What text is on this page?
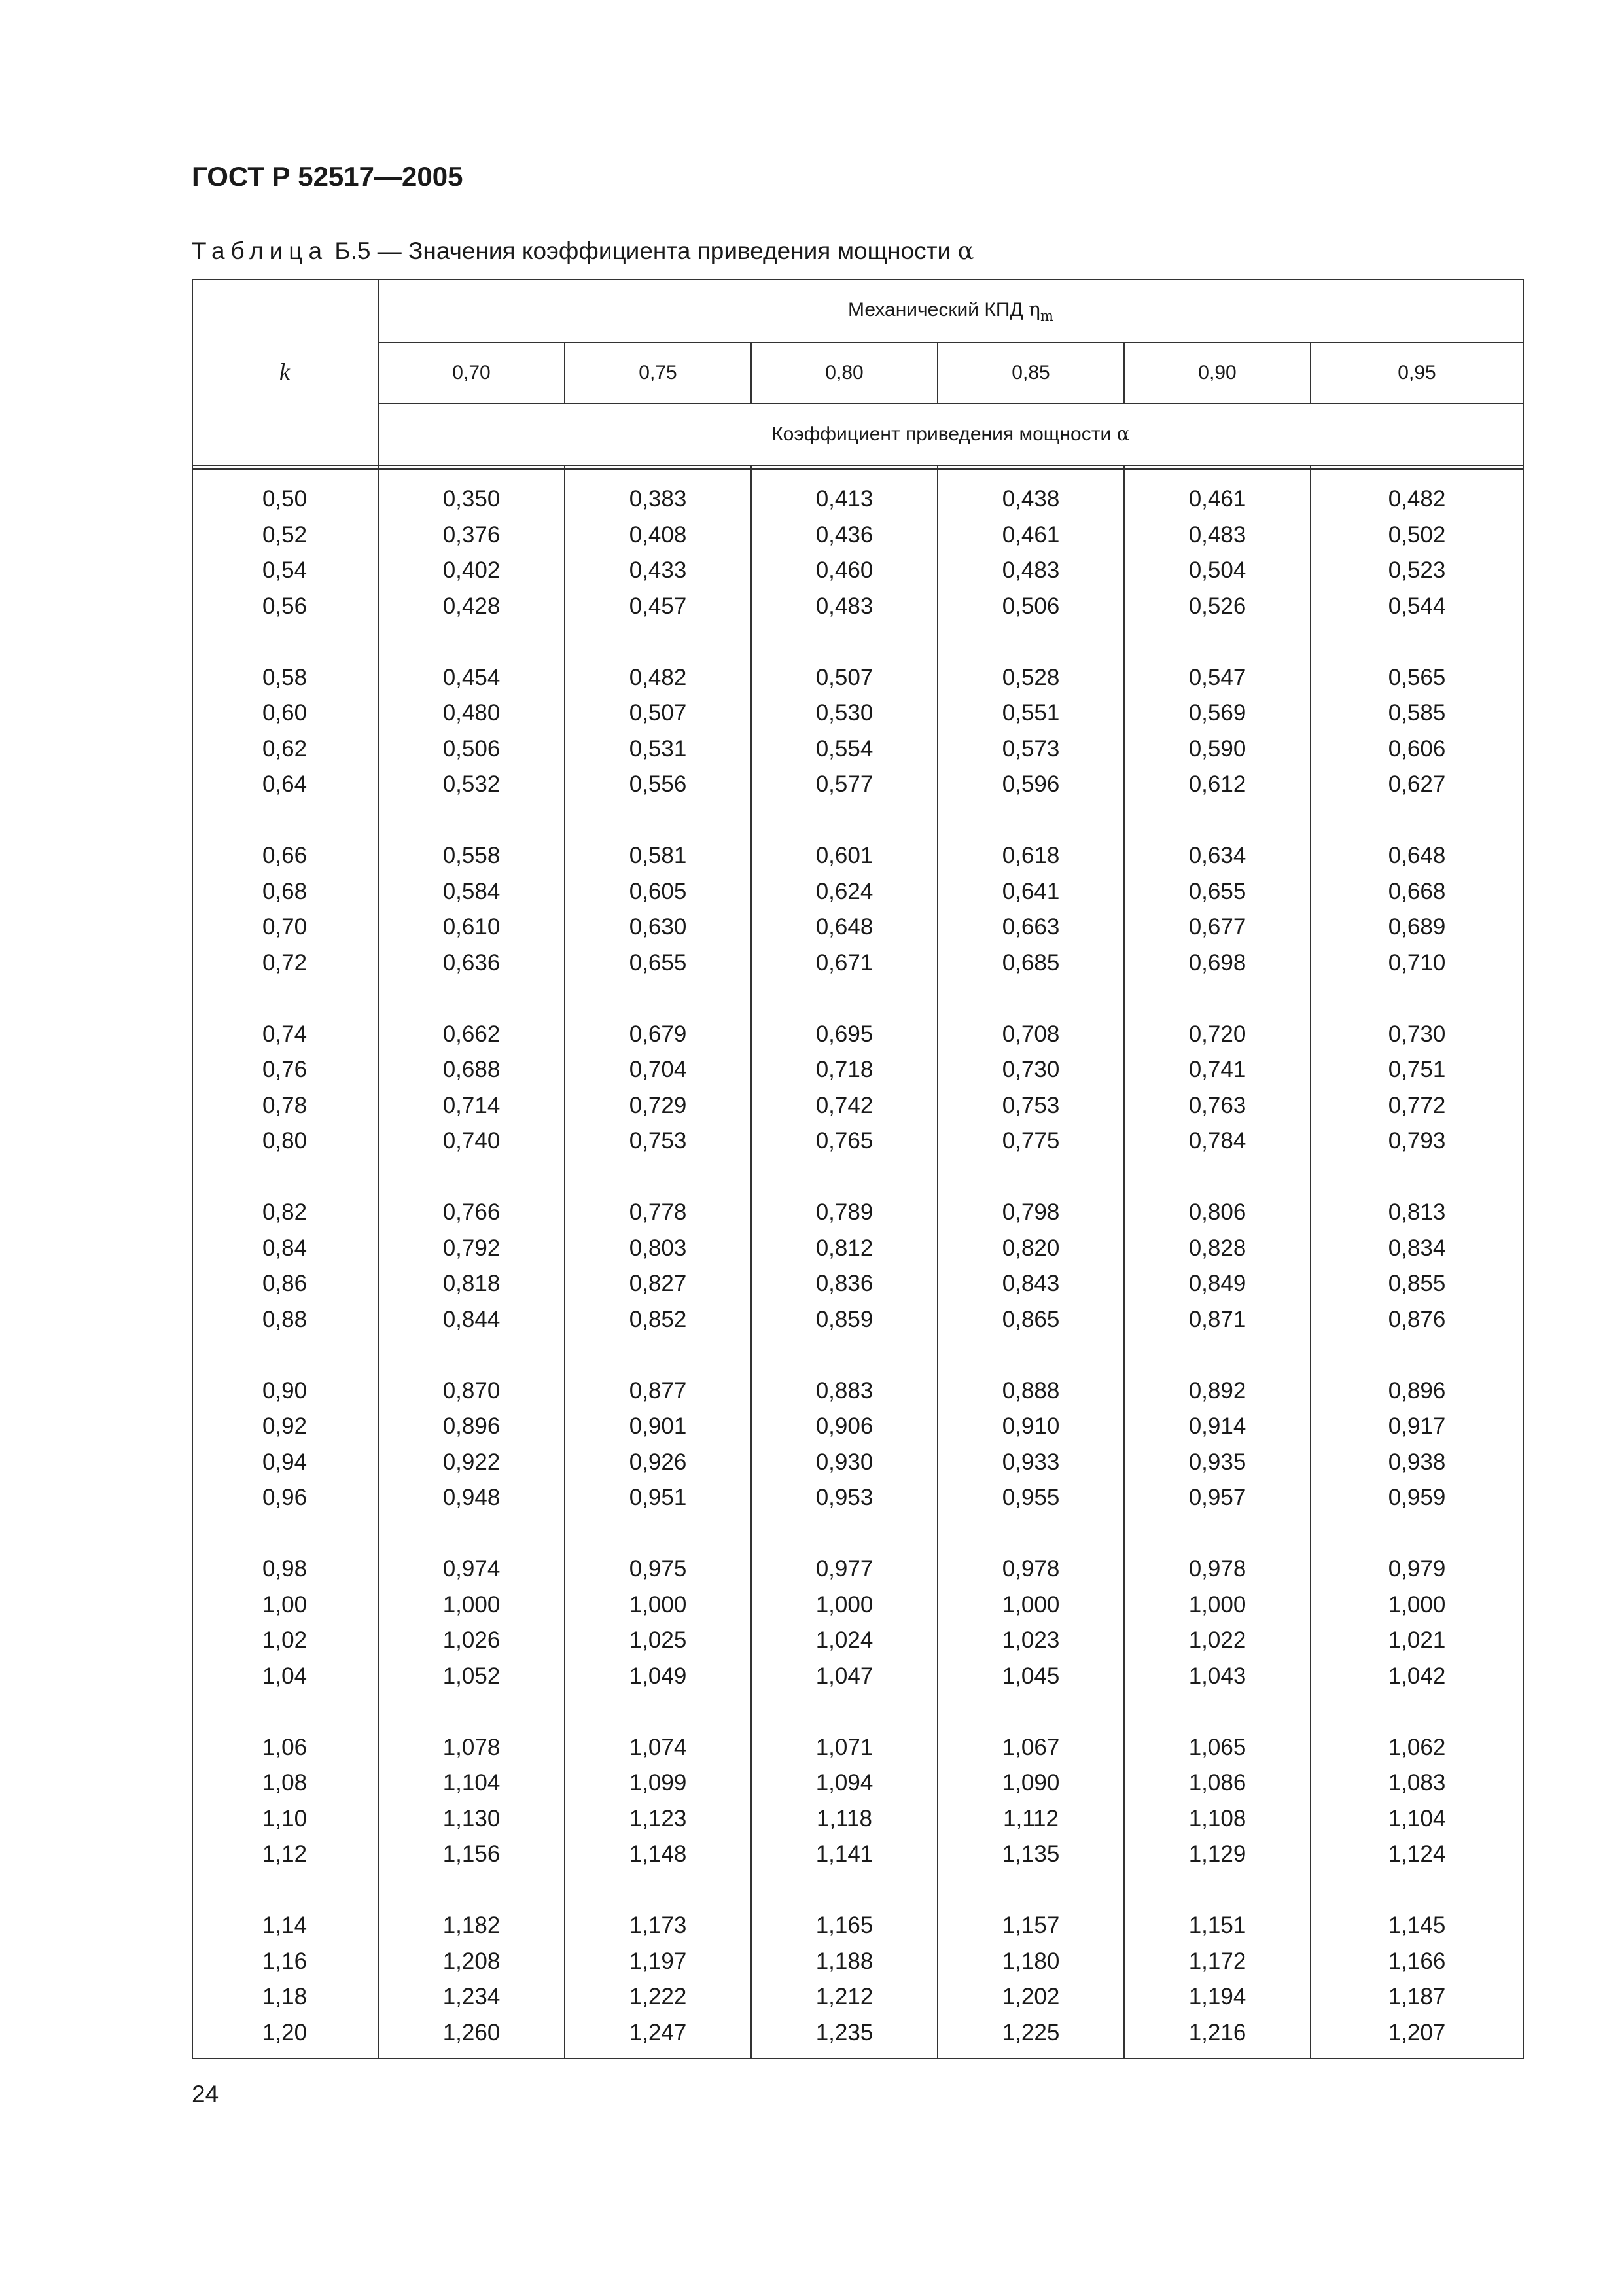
ГОСТ Р 52517—2005

Таблица Б.5 — Значения коэффициента приведения мощности α

k
Механический КПД $\eta_m$
0,70	0,75	0,80	0,85	0,90	0,95
Коэффициент приведения мощности α
0,50	0,350	0,383	0,413	0,438	0,461	0,482
0,52	0,376	0,408	0,436	0,461	0,483	0,502
0,54	0,402	0,433	0,460	0,483	0,504	0,523
0,56	0,428	0,457	0,483	0,506	0,526	0,544
0,58	0,454	0,482	0,507	0,528	0,547	0,565
0,60	0,480	0,507	0,530	0,551	0,569	0,585
0,62	0,506	0,531	0,554	0,573	0,590	0,606
0,64	0,532	0,556	0,577	0,596	0,612	0,627
0,66	0,558	0,581	0,601	0,618	0,634	0,648
0,68	0,584	0,605	0,624	0,641	0,655	0,668
0,70	0,610	0,630	0,648	0,663	0,677	0,689
0,72	0,636	0,655	0,671	0,685	0,698	0,710
0,74	0,662	0,679	0,695	0,708	0,720	0,730
0,76	0,688	0,704	0,718	0,730	0,741	0,751
0,78	0,714	0,729	0,742	0,753	0,763	0,772
0,80	0,740	0,753	0,765	0,775	0,784	0,793
0,82	0,766	0,778	0,789	0,798	0,806	0,813
0,84	0,792	0,803	0,812	0,820	0,828	0,834
0,86	0,818	0,827	0,836	0,843	0,849	0,855
0,88	0,844	0,852	0,859	0,865	0,871	0,876
0,90	0,870	0,877	0,883	0,888	0,892	0,896
0,92	0,896	0,901	0,906	0,910	0,914	0,917
0,94	0,922	0,926	0,930	0,933	0,935	0,938
0,96	0,948	0,951	0,953	0,955	0,957	0,959
0,98	0,974	0,975	0,977	0,978	0,978	0,979
1,00	1,000	1,000	1,000	1,000	1,000	1,000
1,02	1,026	1,025	1,024	1,023	1,022	1,021
1,04	1,052	1,049	1,047	1,045	1,043	1,042
1,06	1,078	1,074	1,071	1,067	1,065	1,062
1,08	1,104	1,099	1,094	1,090	1,086	1,083
1,10	1,130	1,123	1,118	1,112	1,108	1,104
1,12	1,156	1,148	1,141	1,135	1,129	1,124
1,14	1,182	1,173	1,165	1,157	1,151	1,145
1,16	1,208	1,197	1,188	1,180	1,172	1,166
1,18	1,234	1,222	1,212	1,202	1,194	1,187
1,20	1,260	1,247	1,235	1,225	1,216	1,207

24
